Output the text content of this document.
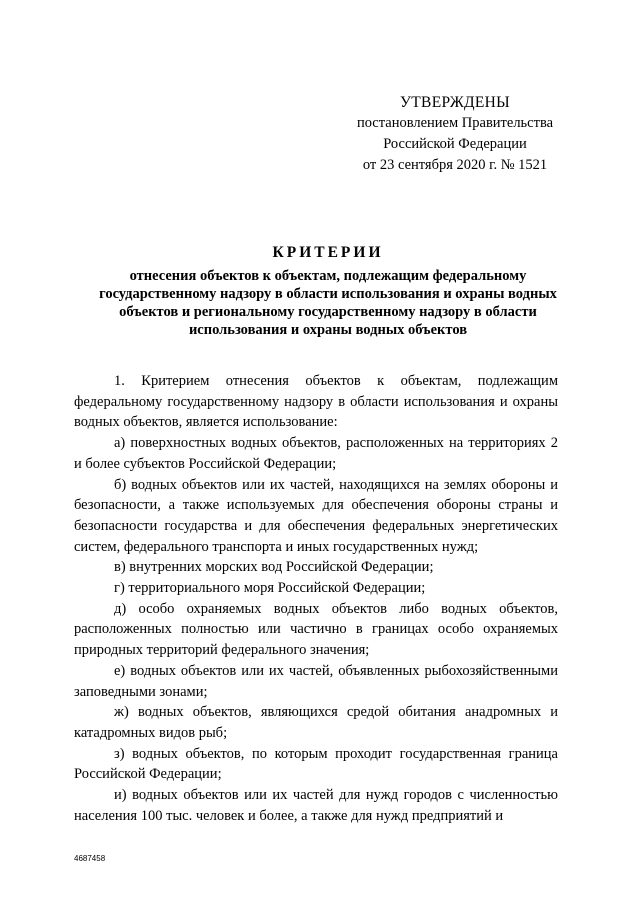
УТВЕРЖДЕНЫ
постановлением Правительства
Российской Федерации
от 23 сентября 2020 г. № 1521
КРИТЕРИИ
отнесения объектов к объектам, подлежащим федеральному государственному надзору в области использования и охраны водных объектов и региональному государственному надзору в области использования и охраны водных объектов

1. Критерием отнесения объектов к объектам, подлежащим федеральному государственному надзору в области использования и охраны водных объектов, является использование:

а) поверхностных водных объектов, расположенных на территориях 2 и более субъектов Российской Федерации;

б) водных объектов или их частей, находящихся на землях обороны и безопасности, а также используемых для обеспечения обороны страны и безопасности государства и для обеспечения федеральных энергетических систем, федерального транспорта и иных государственных нужд;

в) внутренних морских вод Российской Федерации;

г) территориального моря Российской Федерации;

д) особо охраняемых водных объектов либо водных объектов, расположенных полностью или частично в границах особо охраняемых природных территорий федерального значения;

е) водных объектов или их частей, объявленных рыбохозяйственными заповедными зонами;

ж) водных объектов, являющихся средой обитания анадромных и катадромных видов рыб;

з) водных объектов, по которым проходит государственная граница Российской Федерации;

и) водных объектов или их частей для нужд городов с численностью населения 100 тыс. человек и более, а также для нужд предприятий и

4687458
